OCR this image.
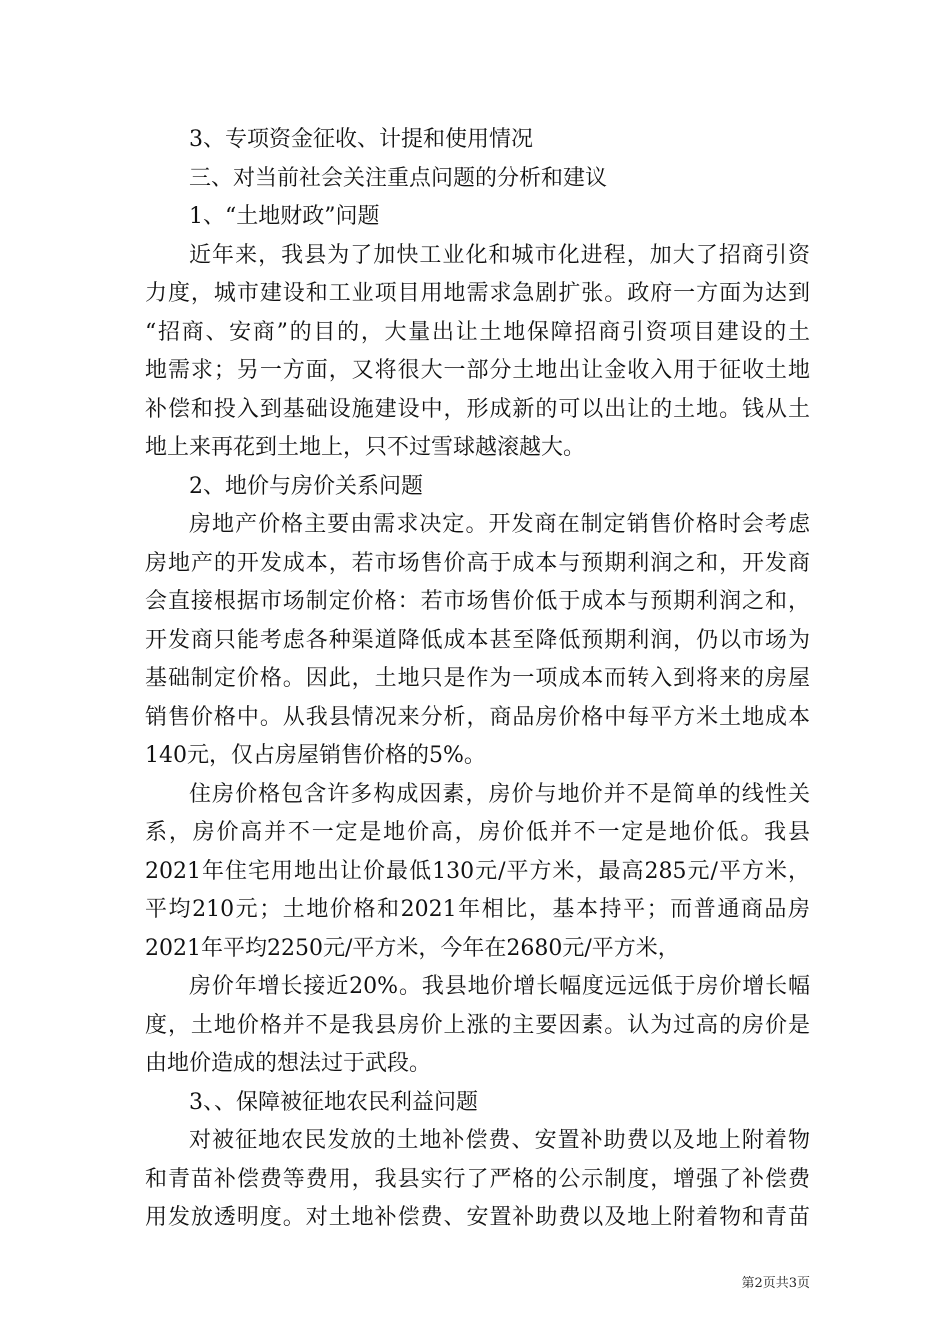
3、专项资金征收、计提和使用情况
三、对当前社会关注重点问题的分析和建议
1、“土地财政”问题
近年来，我县为了加快工业化和城市化进程，加大了招商引资
力度，城市建设和工业项目用地需求急剧扩张。政府一方面为达到
“招商、安商”的目的，大量出让土地保障招商引资项目建设的土
地需求；另一方面，又将很大一部分土地出让金收入用于征收土地
补偿和投入到基础设施建设中，形成新的可以出让的土地。钱从土
地上来再花到土地上，只不过雪球越滚越大。
2、地价与房价关系问题
房地产价格主要由需求决定。开发商在制定销售价格时会考虑
房地产的开发成本，若市场售价高于成本与预期利润之和，开发商
会直接根据市场制定价格：若市场售价低于成本与预期利润之和，
开发商只能考虑各种渠道降低成本甚至降低预期利润，仍以市场为
基础制定价格。因此，土地只是作为一项成本而转入到将来的房屋
销售价格中。从我县情况来分析，商品房价格中每平方米土地成本
140元，仅占房屋销售价格的5%。
住房价格包含许多构成因素，房价与地价并不是简单的线性关
系，房价高并不一定是地价高，房价低并不一定是地价低。我县
2021年住宅用地出让价最低130元/平方米，最高285元/平方米，
平均210元；土地价格和2021年相比，基本持平；而普通商品房
2021年平均2250元/平方米，今年在2680元/平方米，
房价年增长接近20%。我县地价增长幅度远远低于房价增长幅
度，土地价格并不是我县房价上涨的主要因素。认为过高的房价是
由地价造成的想法过于武段。
3、、保障被征地农民利益问题
对被征地农民发放的土地补偿费、安置补助费以及地上附着物
和青苗补偿费等费用，我县实行了严格的公示制度，增强了补偿费
用发放透明度。对土地补偿费、安置补助费以及地上附着物和青苗
第2页共3页
